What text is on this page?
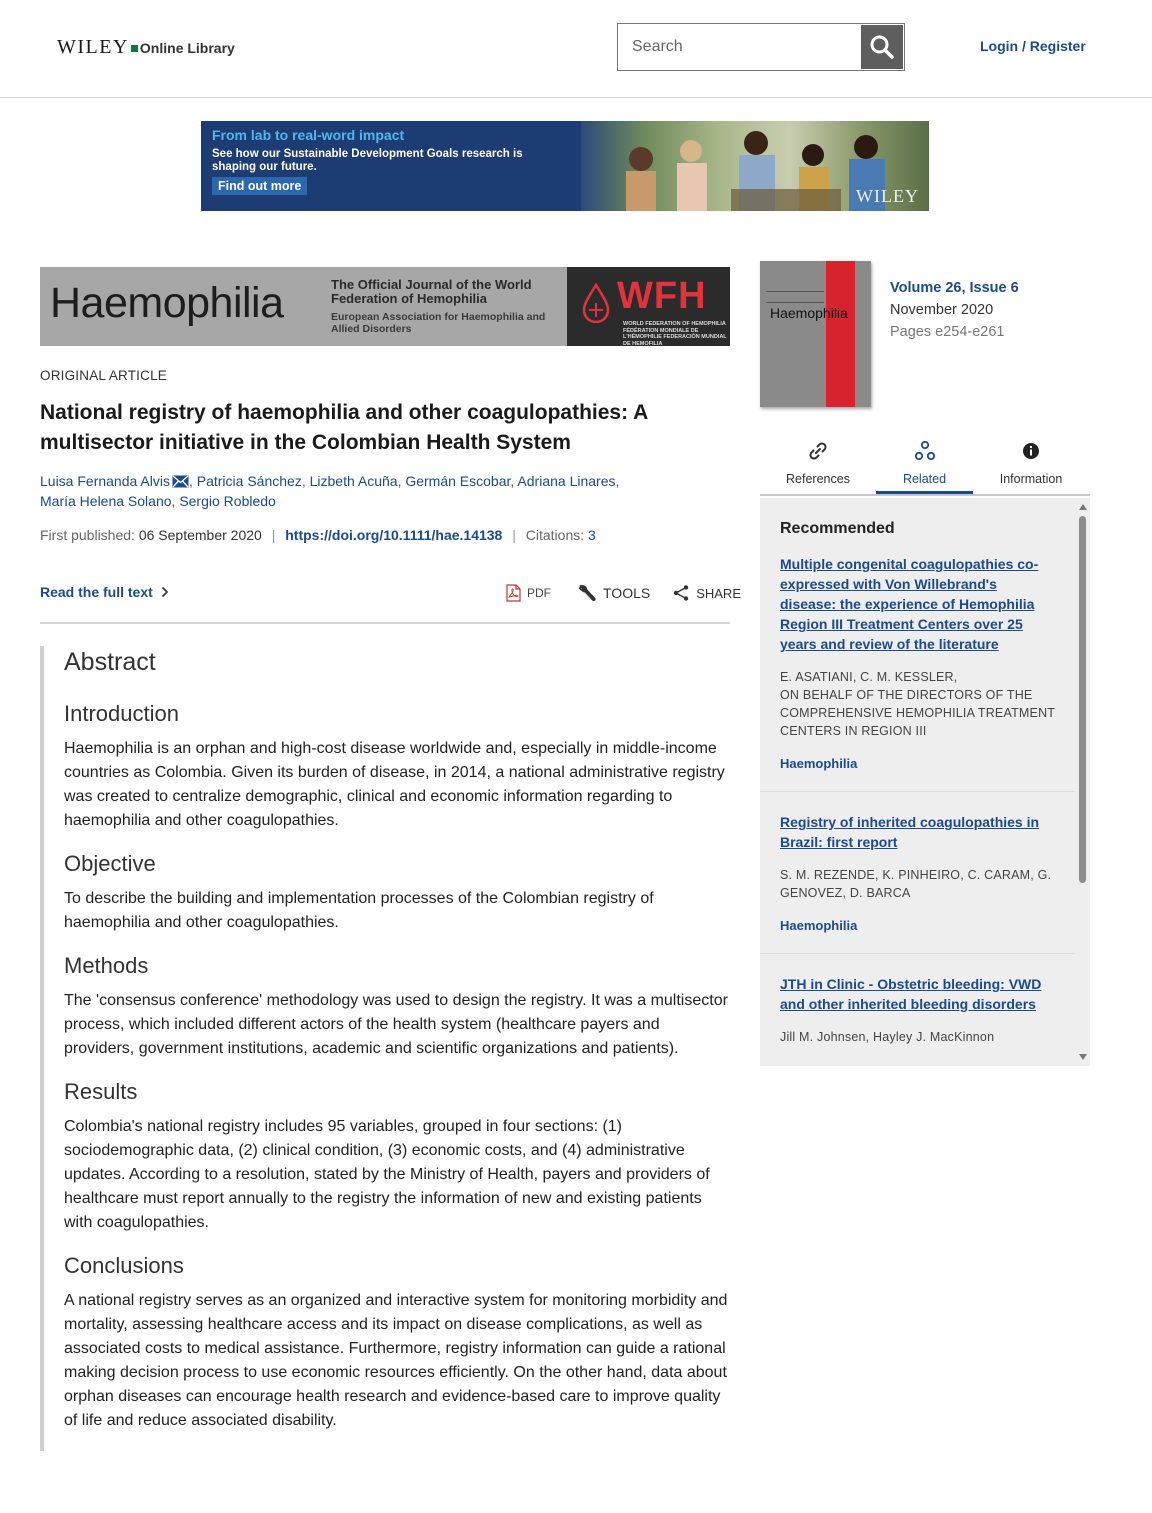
WILEY Online Library
Search	Login / Register
From lab to real-word impact
See how our Sustainable Development Goals research is shaping our future.
Find out more	WILEY
Haemophilia	The Official Journal of the World Federation of Hemophilia
European Association for Haemophilia and Allied Disorders
WFH
WORLD FEDERATION OF HEMOPHILIA FÉDÉRATION MONDIALE DE L'HÉMOPHILIE FEDERACIÓN MUNDIAL DE HEMOFILIA
ORIGINAL ARTICLE
National registry of haemophilia and other coagulopathies: A multisector initiative in the Colombian Health System
Luisa Fernanda Alvis , Patricia Sánchez, Lizbeth Acuña, Germán Escobar, Adriana Linares,
María Helena Solano, Sergio Robledo
First published: 06 September 2020 | https://doi.org/10.1111/hae.14138 | Citations: 3
Read the full text	PDF	TOOLS	SHARE
Abstract
Introduction

Haemophilia is an orphan and high-cost disease worldwide and, especially in middle-income countries as Colombia. Given its burden of disease, in 2014, a national administrative registry was created to centralize demographic, clinical and economic information regarding to haemophilia and other coagulopathies.

Objective

To describe the building and implementation processes of the Colombian registry of haemophilia and other coagulopathies.

Methods

The 'consensus conference' methodology was used to design the registry. It was a multisector process, which included different actors of the health system (healthcare payers and providers, government institutions, academic and scientific organizations and patients).

Results

Colombia's national registry includes 95 variables, grouped in four sections: (1) sociodemographic data, (2) clinical condition, (3) economic costs, and (4) administrative updates. According to a resolution, stated by the Ministry of Health, payers and providers of healthcare must report annually to the registry the information of new and existing patients with coagulopathies.

Conclusions

A national registry serves as an organized and interactive system for monitoring morbidity and mortality, assessing healthcare access and its impact on disease complications, as well as associated costs to medical assistance. Furthermore, registry information can guide a rational making decision process to use economic resources efficiently. On the other hand, data about orphan diseases can encourage health research and evidence-based care to improve quality of life and reduce associated disability.

Haemophilia
Volume 26, Issue 6
November 2020
Pages e254-e261
References	Related	Information
Recommended
Multiple congenital coagulopathies co‐expressed with Von Willebrand's disease: the experience of Hemophilia Region III Treatment Centers over 25 years and review of the literature
E. ASATIANI, C. M. KESSLER,
ON BEHALF OF THE DIRECTORS OF THE COMPREHENSIVE HEMOPHILIA TREATMENT CENTERS IN REGION III
Haemophilia
Registry of inherited coagulopathies in Brazil: first report
S. M. REZENDE, K. PINHEIRO, C. CARAM, G. GENOVEZ, D. BARCA
Haemophilia
JTH in Clinic ‐ Obstetric bleeding: VWD and other inherited bleeding disorders
Jill M. Johnsen, Hayley J. MacKinnon
